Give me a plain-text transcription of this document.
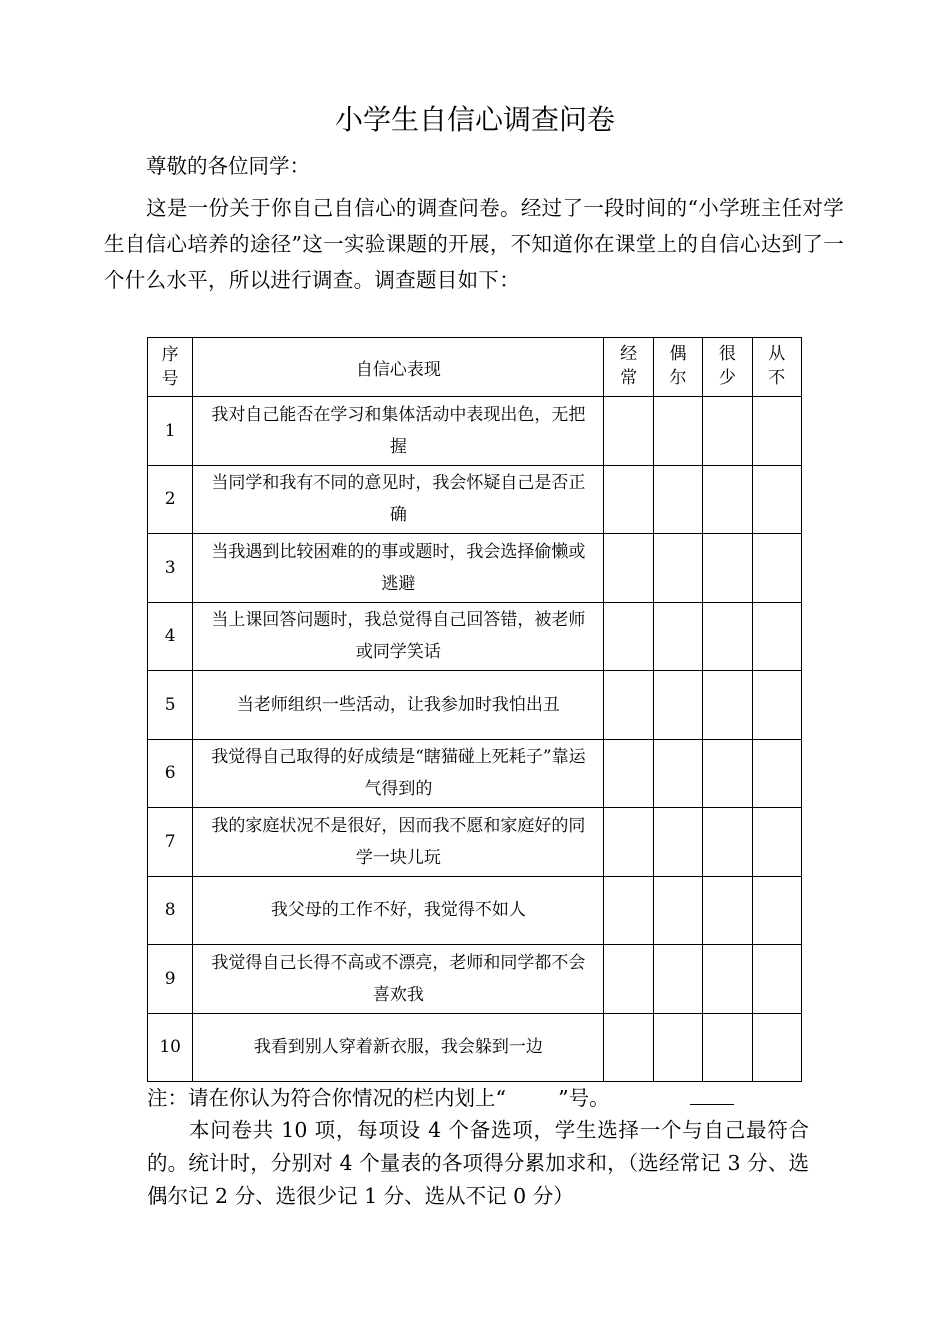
小学生自信心调查问卷
尊敬的各位同学：
这是一份关于你自己自信心的调查问卷。经过了一段时间的“小学班主任对学生自信心培养的途径”这一实验课题的开展，不知道你在课堂上的自信心达到了一个什么水平，所以进行调查。调查题目如下：
序号	自信心表现	经常	偶尔	很少	从不

1	我对自己能否在学习和集体活动中表现出色，无把握				

2	当同学和我有不同的意见时，我会怀疑自己是否正确				

3	当我遇到比较困难的的事或题时，我会选择偷懒或逃避				

4	当上课回答问题时，我总觉得自己回答错，被老师或同学笑话				

5	当老师组织一些活动，让我参加时我怕出丑				

6	我觉得自己取得的好成绩是“瞎猫碰上死耗子”靠运气得到的				

7	我的家庭状况不是很好，因而我不愿和家庭好的同学一块儿玩				

8	我父母的工作不好，我觉得不如人				

9	我觉得自己长得不高或不漂亮，老师和同学都不会喜欢我				

10	我看到别人穿着新衣服，我会躲到一边				

注：请在你认为符合你情况的栏内划上“        ”号。
本问卷共 10 项，每项设 4 个备选项，学生选择一个与自己最符合的。统计时，分别对 4 个量表的各项得分累加求和，（选经常记 3 分、选偶尔记 2 分、选很少记 1 分、选从不记 0 分）
